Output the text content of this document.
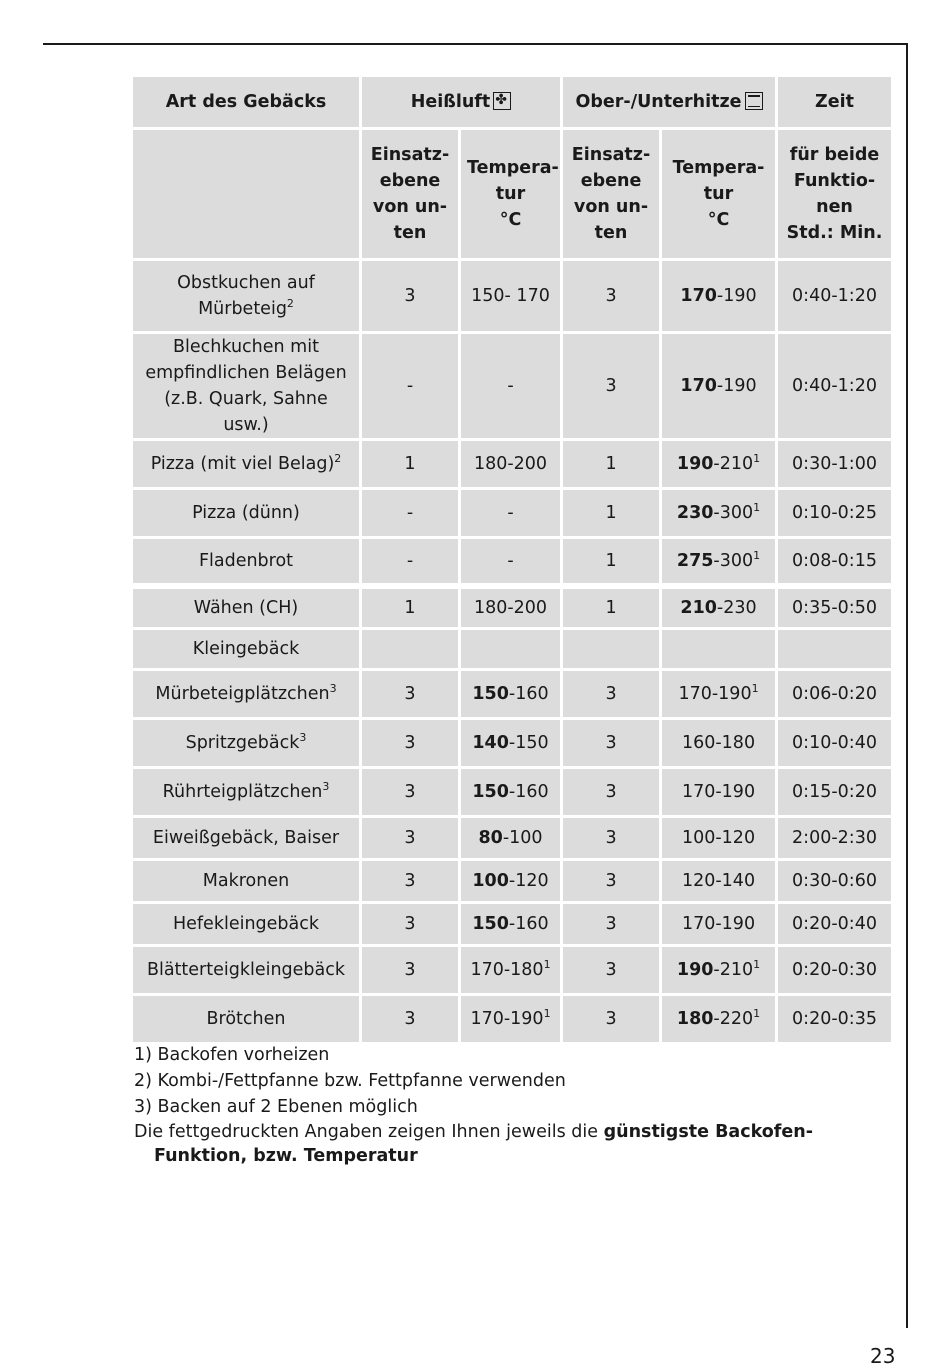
Art des Gebäcks	Heißluft✤		Ober-/Unterhitze		Zeit
	Einsatz-
ebene
von un-
ten	Tempera-
tur
°C	Einsatz-
ebene
von un-
ten	Tempera-
tur
°C	für beide
Funktio-
nen
Std.: Min.
Obstkuchen auf Mürbeteig$^2$	3	150- 170	3	170-190	0:40-1:20
Blechkuchen mit empfindlichen Belägen (z.B. Quark, Sahne usw.)	-	-	3	170-190	0:40-1:20
Pizza (mit viel Belag)$^2$	1	180-200	1	$190-210^1$	0:30-1:00
Pizza (dünn)	-	-	1	$230-300^1$	0:10-0:25
Fladenbrot	-	-	1	$275-300^1$	0:08-0:15
Wähen (CH)	1	180-200	1	210-230	0:35-0:50
Kleingebäck					
Mürbeteigplätzchen$^3$	3	150-160	3	$170-190^1$	0:06-0:20
Spritzgebäck$^3$	3	140-150	3	160-180	0:10-0:40
Rührteigplätzchen$^3$	3	150-160	3	170-190	0:15-0:20
Eiweißgebäck, Baiser	3	80-100	3	100-120	2:00-2:30
Makronen	3	100-120	3	120-140	0:30-0:60
Hefekleingebäck	3	150-160	3	170-190	0:20-0:40
Blätterteigkleingebäck	3	$170-180^1$	3	$190-210^1$	0:20-0:30
Brötchen	3	$170-190^1$	3	$180-220^1$	0:20-0:35
1) Backofen vorheizen
2) Kombi-/Fettpfanne bzw. Fettpfanne verwenden
3) Backen auf 2 Ebenen möglich
Die fettgedruckten Angaben zeigen Ihnen jeweils die günstigste Backofen-Funktion, bzw. Temperatur
23
